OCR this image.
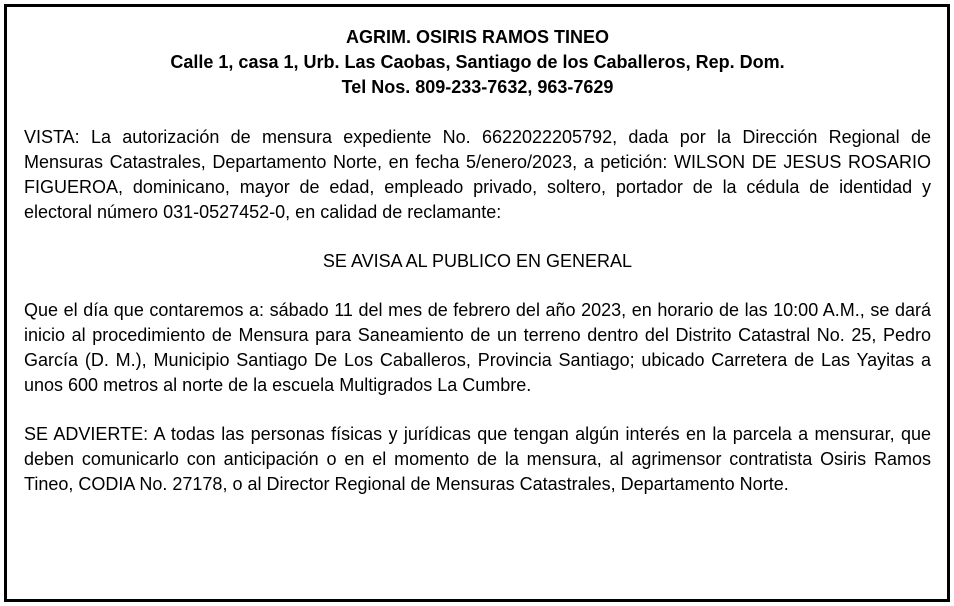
AGRIM. OSIRIS RAMOS TINEO
Calle 1, casa 1, Urb. Las Caobas, Santiago de los Caballeros, Rep. Dom.
Tel Nos. 809-233-7632, 963-7629

VISTA: La autorización de mensura expediente No. 6622022205792, dada por la Dirección Regional de Mensuras Catastrales, Departamento Norte, en fecha 5/enero/2023, a petición: WILSON DE JESUS ROSARIO FIGUEROA, dominicano, mayor de edad, empleado privado, soltero, portador de la cédula de identidad y electoral número 031-0527452-0, en calidad de reclamante:

SE AVISA AL PUBLICO EN GENERAL

Que el día que contaremos a: sábado 11 del mes de febrero del año 2023, en horario de las 10:00 A.M., se dará inicio al procedimiento de Mensura para Saneamiento de un terreno dentro del Distrito Catastral No. 25, Pedro García (D. M.), Municipio Santiago De Los Caballeros, Provincia Santiago; ubicado Carretera de Las Yayitas a unos 600 metros al norte de la escuela Multigrados La Cumbre.

SE ADVIERTE: A todas las personas físicas y jurídicas que tengan algún interés en la parcela a mensurar, que deben comunicarlo con anticipación o en el momento de la mensura, al agrimensor contratista Osiris Ramos Tineo, CODIA No. 27178, o al Director Regional de Mensuras Catastrales, Departamento Norte.
